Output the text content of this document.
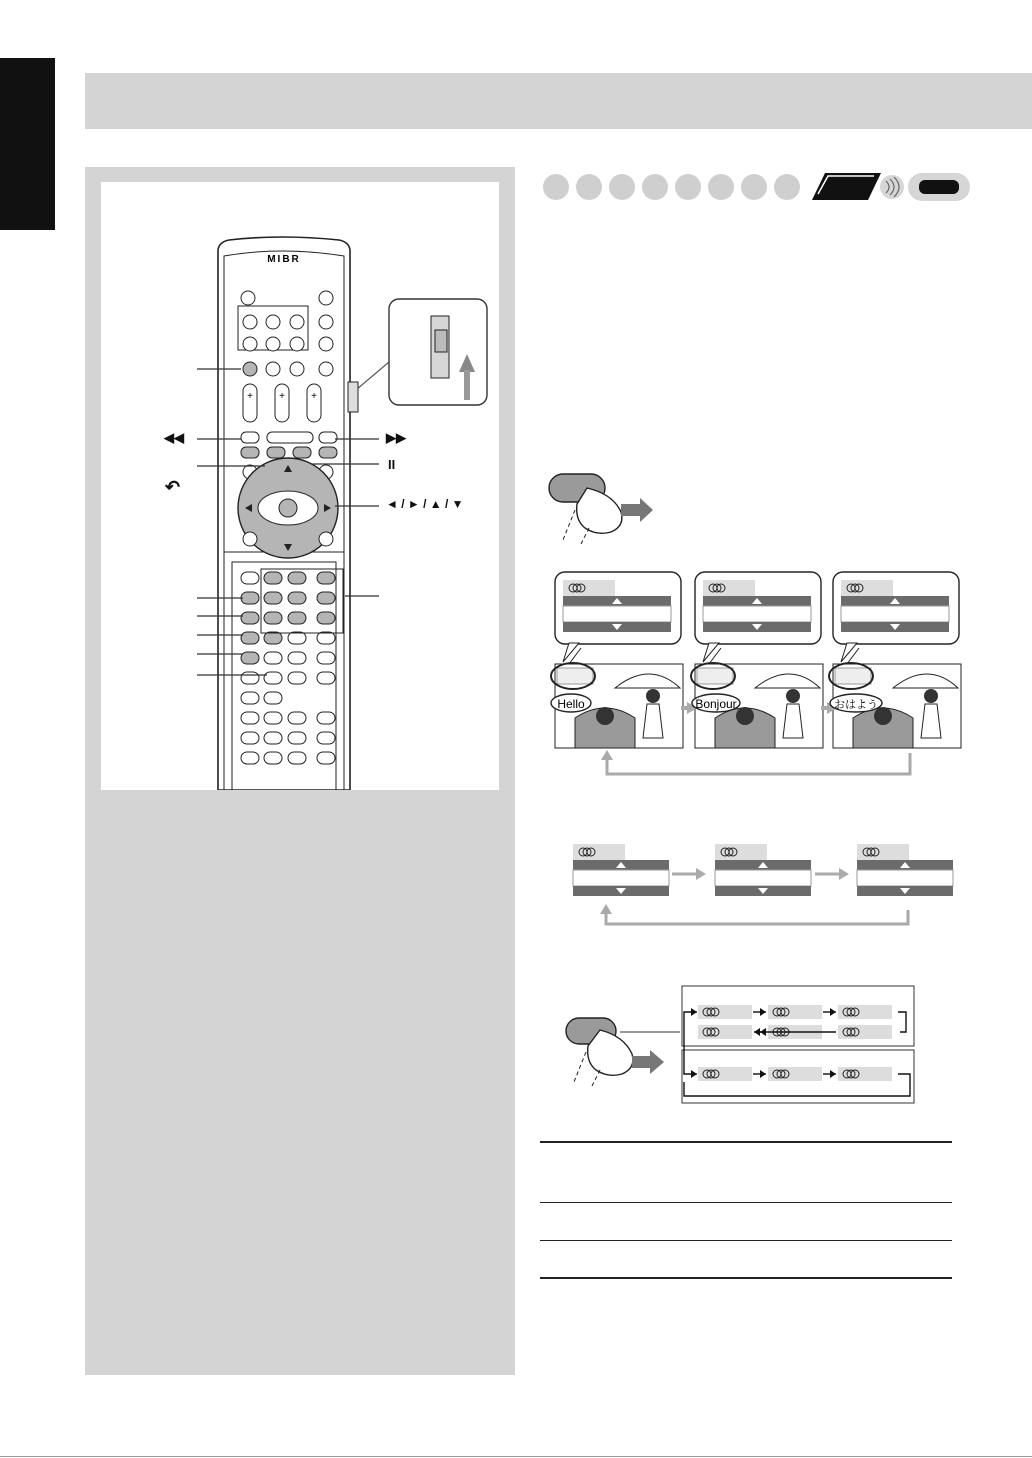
MIBR
+	+	+
◀◀
↶
▶▶
II
◄ / ► / ▲ / ▼
Hello	Bonjour	おはよう
